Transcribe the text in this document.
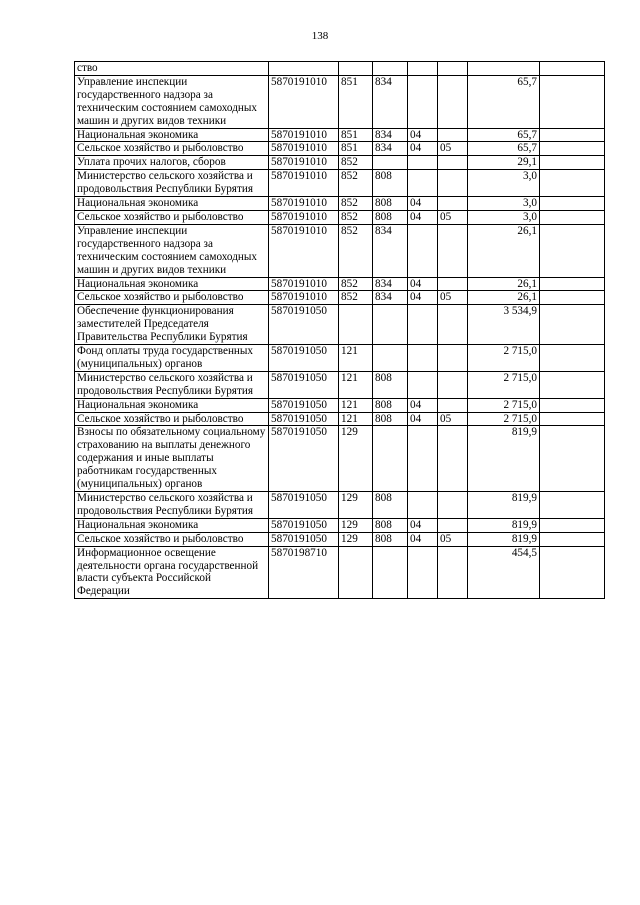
138
ство							
Управление инспекции государственного надзора за техническим состоянием самоходных машин и других видов техники	5870191010	851	834			65,7	
Национальная экономика	5870191010	851	834	04		65,7	
Сельское хозяйство и рыболовство	5870191010	851	834	04	05	65,7	
Уплата прочих налогов, сборов	5870191010	852				29,1	
Министерство сельского хозяйства и продовольствия Республики Бурятия	5870191010	852	808			3,0	
Национальная экономика	5870191010	852	808	04		3,0	
Сельское хозяйство и рыболовство	5870191010	852	808	04	05	3,0	
Управление инспекции государственного надзора за техническим состоянием самоходных машин и других видов техники	5870191010	852	834			26,1	
Национальная экономика	5870191010	852	834	04		26,1	
Сельское хозяйство и рыболовство	5870191010	852	834	04	05	26,1	
Обеспечение функционирования заместителей Председателя Правительства Республики Бурятия	5870191050					3 534,9	
Фонд оплаты труда государственных (муниципальных) органов	5870191050	121				2 715,0	
Министерство сельского хозяйства и продовольствия Республики Бурятия	5870191050	121	808			2 715,0	
Национальная экономика	5870191050	121	808	04		2 715,0	
Сельское хозяйство и рыболовство	5870191050	121	808	04	05	2 715,0	
Взносы по обязательному социальному страхованию на выплаты денежного содержания и иные выплаты работникам государственных (муниципальных) органов	5870191050	129				819,9	
Министерство сельского хозяйства и продовольствия Республики Бурятия	5870191050	129	808			819,9	
Национальная экономика	5870191050	129	808	04		819,9	
Сельское хозяйство и рыболовство	5870191050	129	808	04	05	819,9	
Информационное освещение деятельности органа государственной власти субъекта Российской Федерации	5870198710					454,5	
